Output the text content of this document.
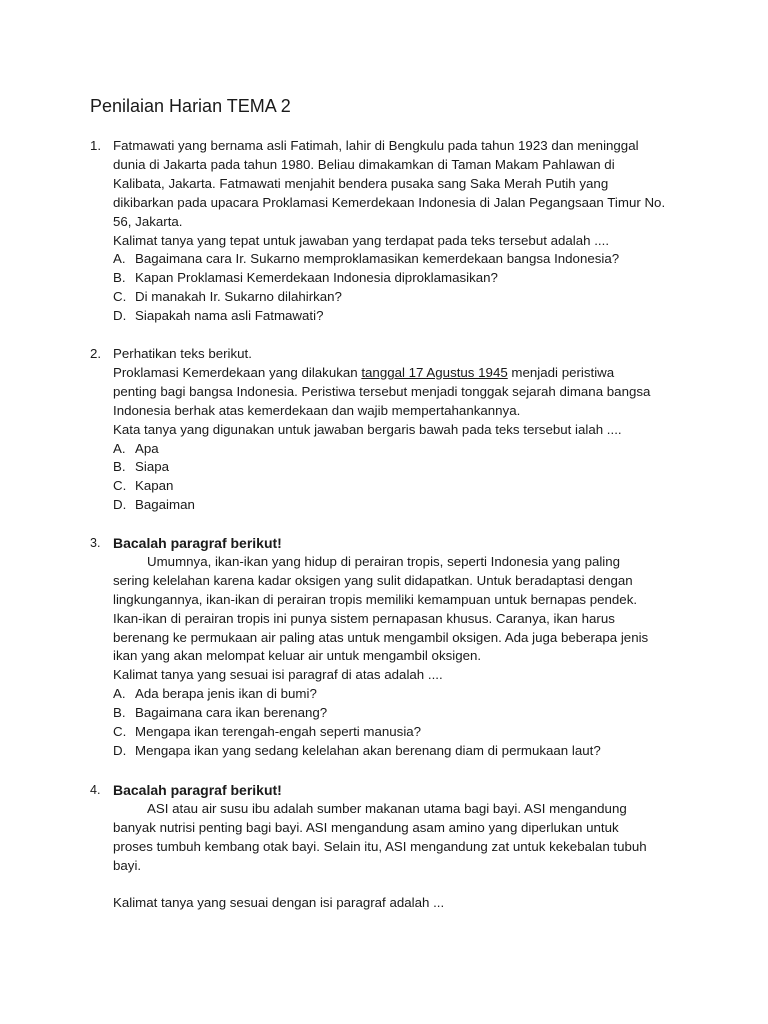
Penilaian Harian TEMA 2
1. Fatmawati yang bernama asli Fatimah, lahir di Bengkulu pada tahun 1923 dan meninggal
dunia di Jakarta pada tahun 1980. Beliau dimakamkan di Taman Makam Pahlawan di
Kalibata, Jakarta. Fatmawati menjahit bendera pusaka sang Saka Merah Putih yang
dikibarkan pada upacara Proklamasi Kemerdekaan Indonesia di Jalan Pegangsaan Timur No.
56, Jakarta.
Kalimat tanya yang tepat untuk jawaban yang terdapat pada teks tersebut adalah ....
A. Bagaimana cara Ir. Sukarno memproklamasikan kemerdekaan bangsa Indonesia?
B. Kapan Proklamasi Kemerdekaan Indonesia diproklamasikan?
C. Di manakah Ir. Sukarno dilahirkan?
D. Siapakah nama asli Fatmawati?
2. Perhatikan teks berikut.
Proklamasi Kemerdekaan yang dilakukan tanggal 17 Agustus 1945 menjadi peristiwa
penting bagi bangsa Indonesia. Peristiwa tersebut menjadi tonggak sejarah dimana bangsa
Indonesia berhak atas kemerdekaan dan wajib mempertahankannya.
Kata tanya yang digunakan untuk jawaban bergaris bawah pada teks tersebut ialah ....
A. Apa
B. Siapa
C. Kapan
D. Bagaiman
3. Bacalah paragraf berikut!
Umumnya, ikan-ikan yang hidup di perairan tropis, seperti Indonesia yang paling
sering kelelahan karena kadar oksigen yang sulit didapatkan. Untuk beradaptasi dengan
lingkungannya, ikan-ikan di perairan tropis memiliki kemampuan untuk bernapas pendek.
Ikan-ikan di perairan tropis ini punya sistem pernapasan khusus. Caranya, ikan harus
berenang ke permukaan air paling atas untuk mengambil oksigen. Ada juga beberapa jenis
ikan yang akan melompat keluar air untuk mengambil oksigen.
Kalimat tanya yang sesuai isi paragraf di atas adalah ....
A. Ada berapa jenis ikan di bumi?
B. Bagaimana cara ikan berenang?
C. Mengapa ikan terengah-engah seperti manusia?
D. Mengapa ikan yang sedang kelelahan akan berenang diam di permukaan laut?
4. Bacalah paragraf berikut!
ASI atau air susu ibu adalah sumber makanan utama bagi bayi. ASI mengandung
banyak nutrisi penting bagi bayi. ASI mengandung asam amino yang diperlukan untuk
proses tumbuh kembang otak bayi. Selain itu, ASI mengandung zat untuk kekebalan tubuh
bayi.
Kalimat tanya yang sesuai dengan isi paragraf adalah ...
